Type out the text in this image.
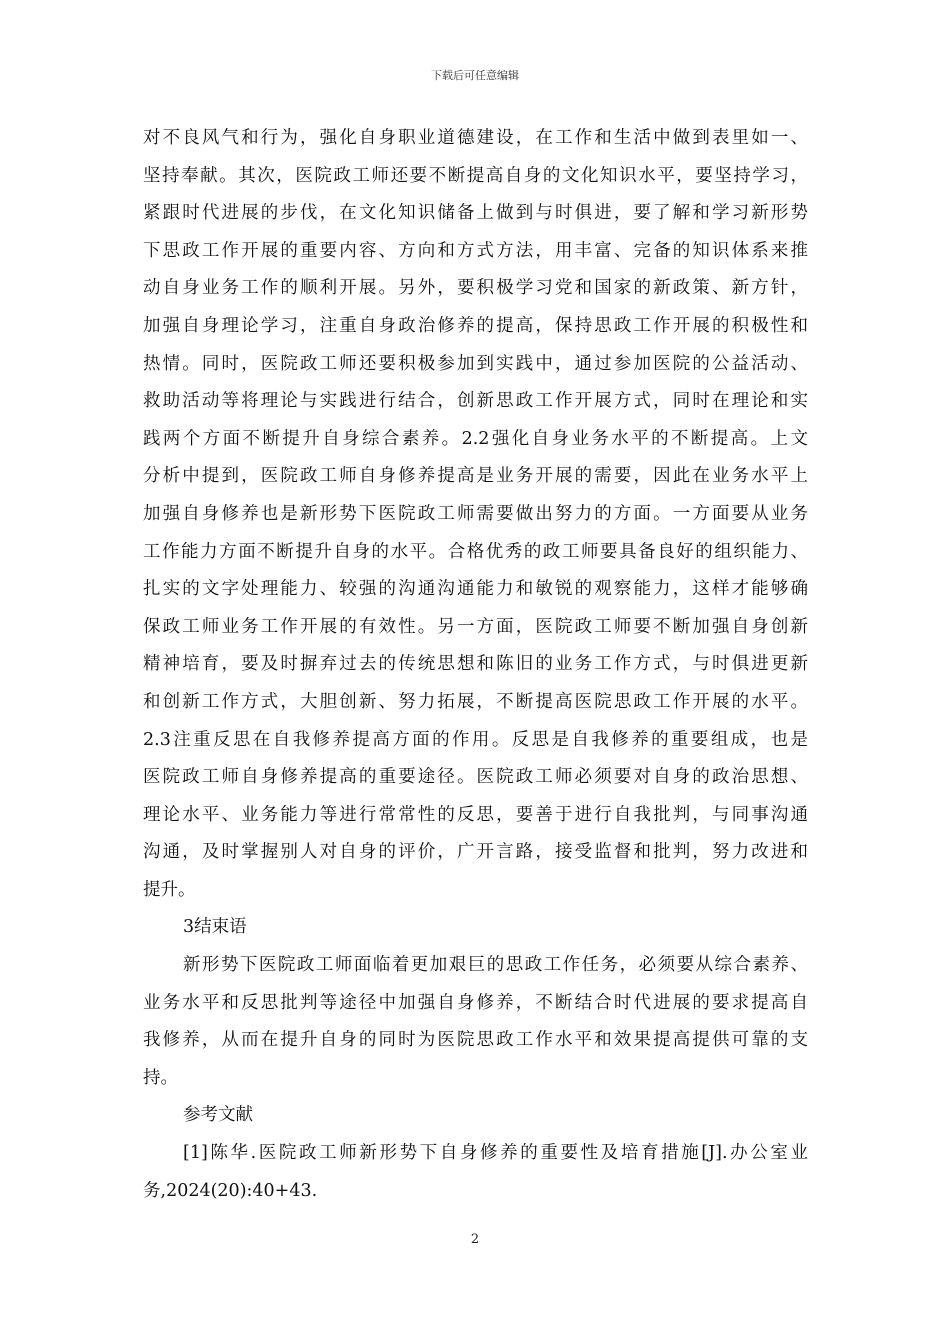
下载后可任意编辑
对不良风气和行为，强化自身职业道德建设，在工作和生活中做到表里如一、
坚持奉献。其次，医院政工师还要不断提高自身的文化知识水平，要坚持学习，
紧跟时代进展的步伐，在文化知识储备上做到与时俱进，要了解和学习新形势
下思政工作开展的重要内容、方向和方式方法，用丰富、完备的知识体系来推
动自身业务工作的顺利开展。另外，要积极学习党和国家的新政策、新方针，
加强自身理论学习，注重自身政治修养的提高，保持思政工作开展的积极性和
热情。同时，医院政工师还要积极参加到实践中，通过参加医院的公益活动、
救助活动等将理论与实践进行结合，创新思政工作开展方式，同时在理论和实
践两个方面不断提升自身综合素养。2.2强化自身业务水平的不断提高。上文
分析中提到，医院政工师自身修养提高是业务开展的需要，因此在业务水平上
加强自身修养也是新形势下医院政工师需要做出努力的方面。一方面要从业务
工作能力方面不断提升自身的水平。合格优秀的政工师要具备良好的组织能力、
扎实的文字处理能力、较强的沟通沟通能力和敏锐的观察能力，这样才能够确
保政工师业务工作开展的有效性。另一方面，医院政工师要不断加强自身创新
精神培育，要及时摒弃过去的传统思想和陈旧的业务工作方式，与时俱进更新
和创新工作方式，大胆创新、努力拓展，不断提高医院思政工作开展的水平。
2.3注重反思在自我修养提高方面的作用。反思是自我修养的重要组成，也是
医院政工师自身修养提高的重要途径。医院政工师必须要对自身的政治思想、
理论水平、业务能力等进行常常性的反思，要善于进行自我批判，与同事沟通
沟通，及时掌握别人对自身的评价，广开言路，接受监督和批判，努力改进和
提升。
3结束语
新形势下医院政工师面临着更加艰巨的思政工作任务，必须要从综合素养、
业务水平和反思批判等途径中加强自身修养，不断结合时代进展的要求提高自
我修养，从而在提升自身的同时为医院思政工作水平和效果提高提供可靠的支
持。
参考文献
[1]陈华.医院政工师新形势下自身修养的重要性及培育措施[J].办公室业
务,2024(20):40+43.
2
